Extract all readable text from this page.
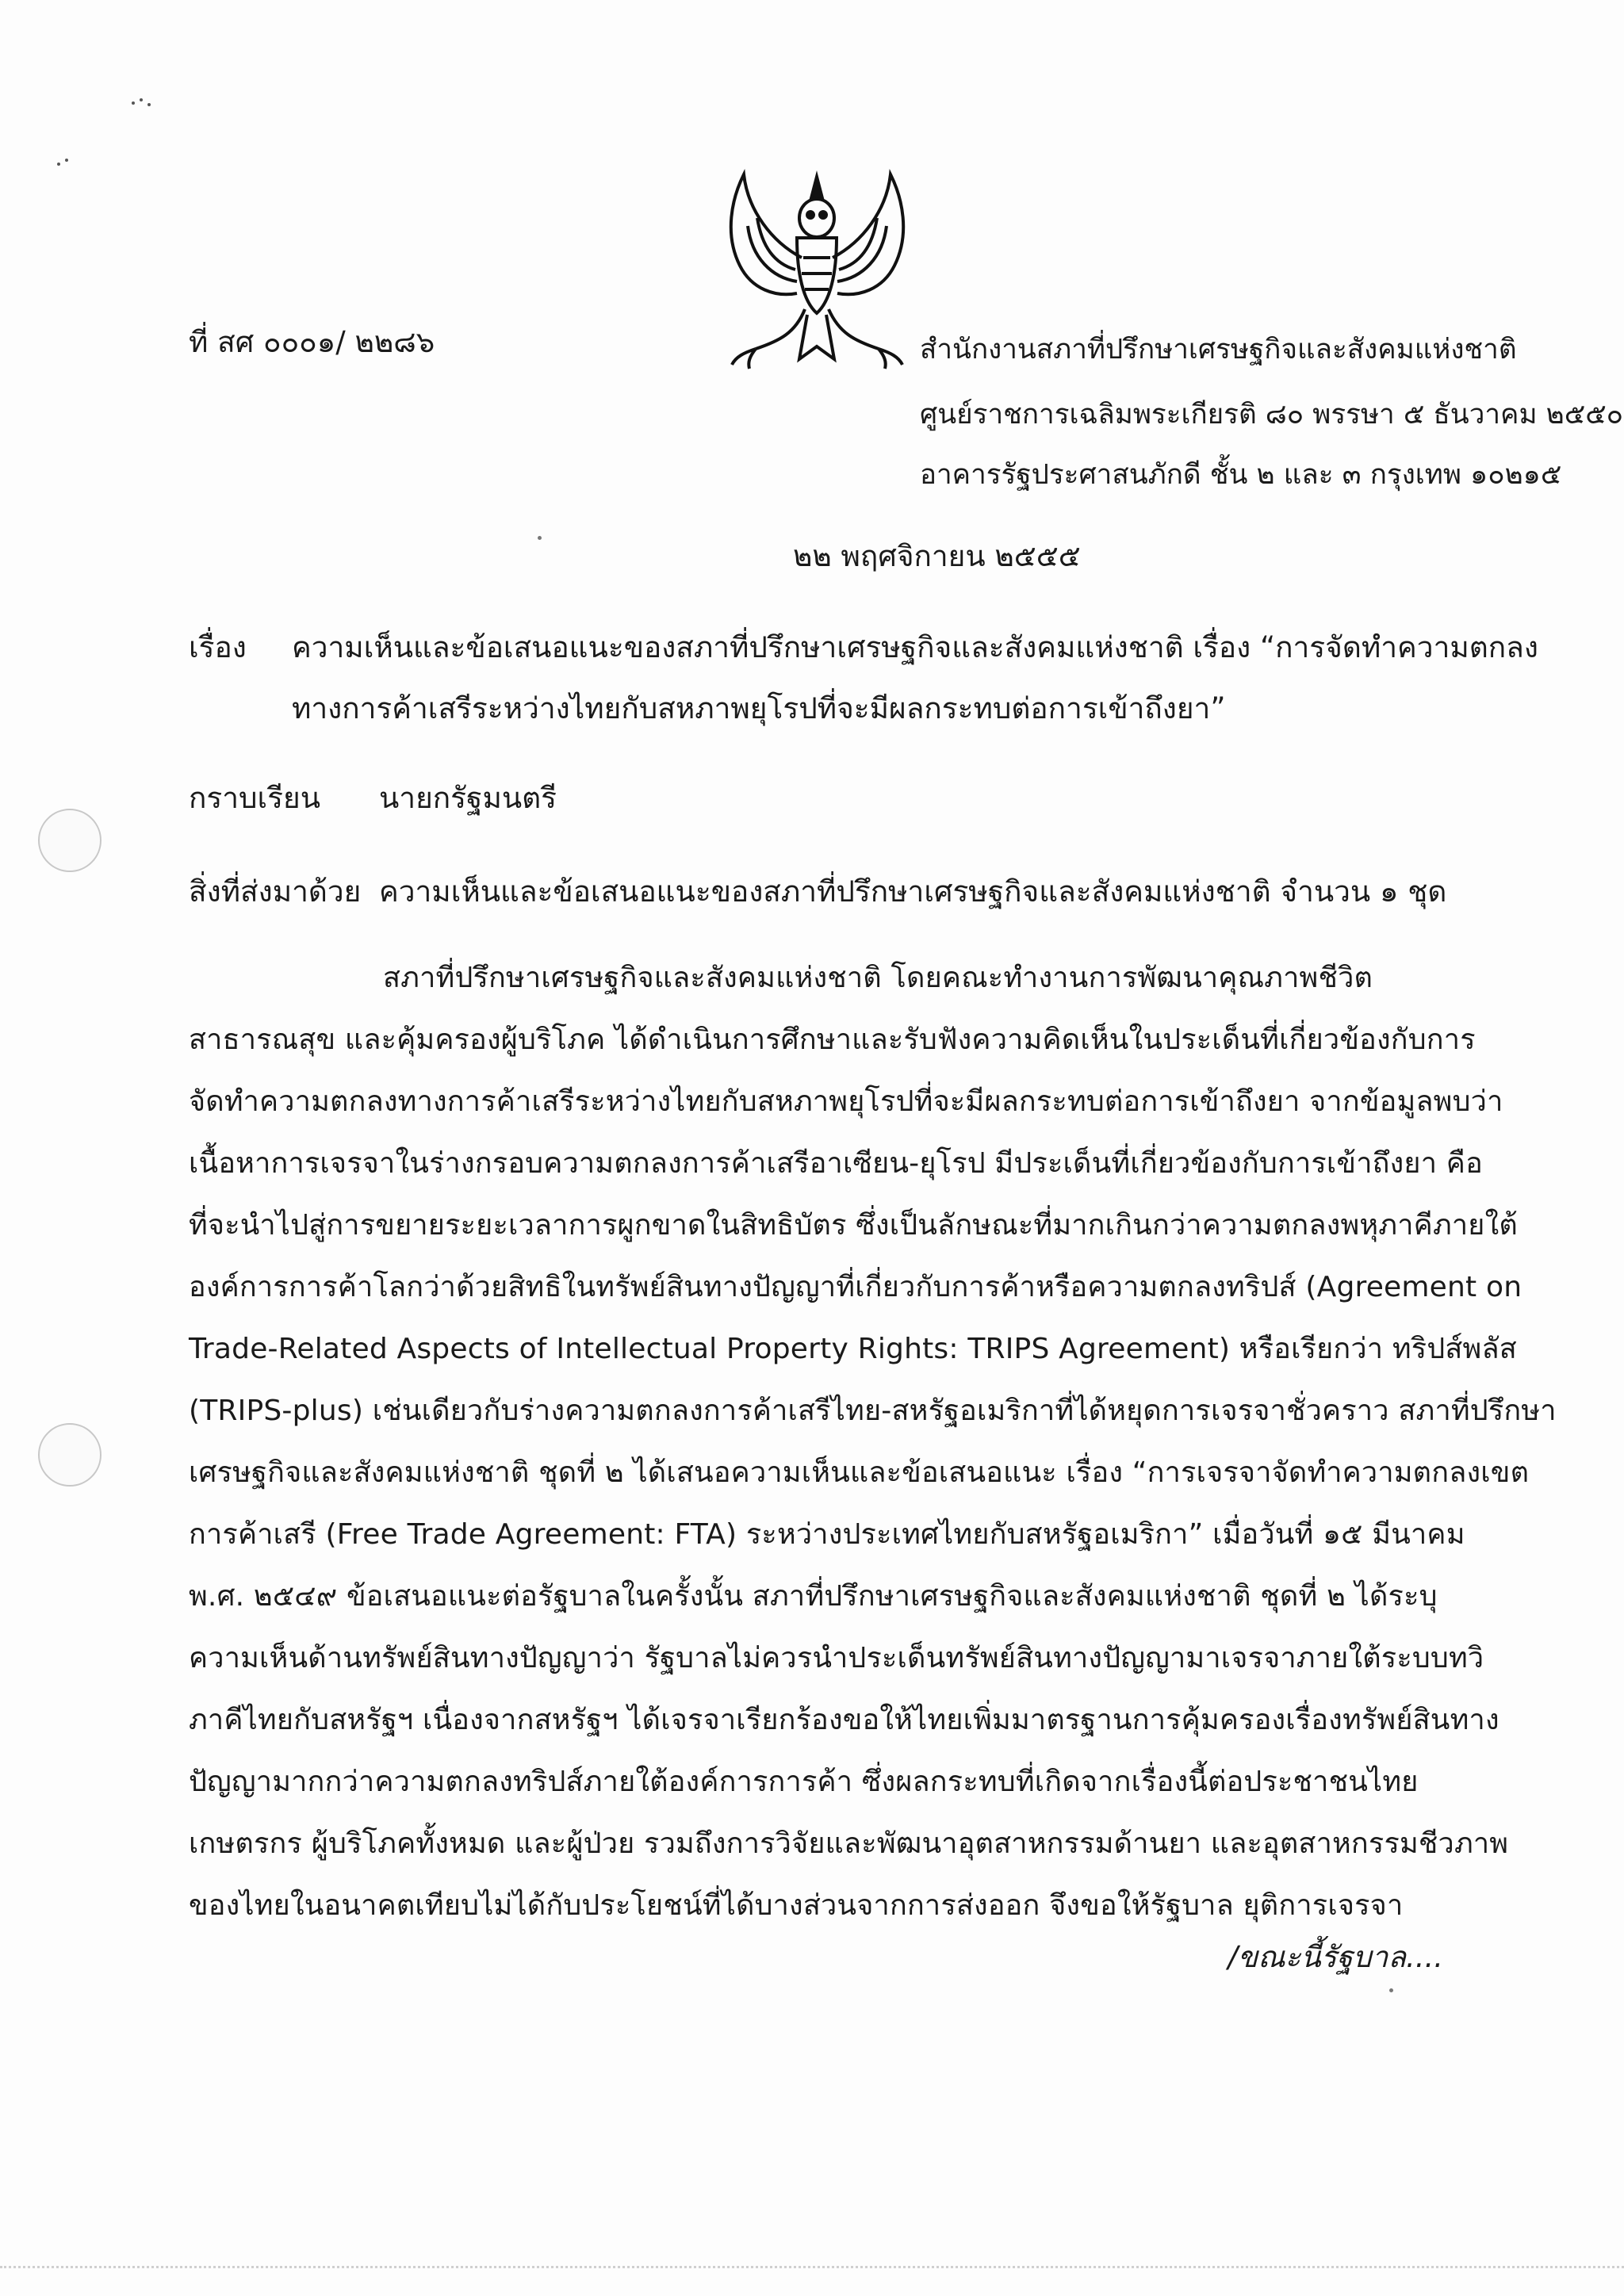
ที่ สศ ๐๐๐๑/ ๒๒๘๖	สำนักงานสภาที่ปรึกษาเศรษฐกิจและสังคมแห่งชาติ
ศูนย์ราชการเฉลิมพระเกียรติ ๘๐ พรรษา ๕ ธันวาคม ๒๕๕๐
อาคารรัฐประศาสนภักดี ชั้น ๒ และ ๓ กรุงเทพ ๑๐๒๑๕
๒๒ พฤศจิกายน ๒๕๕๕
เรื่อง ความเห็นและข้อเสนอแนะของสภาที่ปรึกษาเศรษฐกิจและสังคมแห่งชาติ เรื่อง “การจัดทำความตกลง
ทางการค้าเสรีระหว่างไทยกับสหภาพยุโรปที่จะมีผลกระทบต่อการเข้าถึงยา”
กราบเรียน นายกรัฐมนตรี
สิ่งที่ส่งมาด้วย ความเห็นและข้อเสนอแนะของสภาที่ปรึกษาเศรษฐกิจและสังคมแห่งชาติ จำนวน ๑ ชุด
สภาที่ปรึกษาเศรษฐกิจและสังคมแห่งชาติ โดยคณะทำงานการพัฒนาคุณภาพชีวิต
สาธารณสุข และคุ้มครองผู้บริโภค ได้ดำเนินการศึกษาและรับฟังความคิดเห็นในประเด็นที่เกี่ยวข้องกับการ
จัดทำความตกลงทางการค้าเสรีระหว่างไทยกับสหภาพยุโรปที่จะมีผลกระทบต่อการเข้าถึงยา จากข้อมูลพบว่า
เนื้อหาการเจรจาในร่างกรอบความตกลงการค้าเสรีอาเซียน-ยุโรป มีประเด็นที่เกี่ยวข้องกับการเข้าถึงยา คือ
ที่จะนำไปสู่การขยายระยะเวลาการผูกขาดในสิทธิบัตร ซึ่งเป็นลักษณะที่มากเกินกว่าความตกลงพหุภาคีภายใต้
องค์การการค้าโลกว่าด้วยสิทธิในทรัพย์สินทางปัญญาที่เกี่ยวกับการค้าหรือความตกลงทริปส์ (Agreement on
Trade-Related Aspects of Intellectual Property Rights: TRIPS Agreement) หรือเรียกว่า ทริปส์พลัส
(TRIPS-plus) เช่นเดียวกับร่างความตกลงการค้าเสรีไทย-สหรัฐอเมริกาที่ได้หยุดการเจรจาชั่วคราว สภาที่ปรึกษา
เศรษฐกิจและสังคมแห่งชาติ ชุดที่ ๒ ได้เสนอความเห็นและข้อเสนอแนะ เรื่อง “การเจรจาจัดทำความตกลงเขต
การค้าเสรี (Free Trade Agreement: FTA) ระหว่างประเทศไทยกับสหรัฐอเมริกา” เมื่อวันที่ ๑๕ มีนาคม
พ.ศ. ๒๕๔๙ ข้อเสนอแนะต่อรัฐบาลในครั้งนั้น สภาที่ปรึกษาเศรษฐกิจและสังคมแห่งชาติ ชุดที่ ๒ ได้ระบุ
ความเห็นด้านทรัพย์สินทางปัญญาว่า รัฐบาลไม่ควรนำประเด็นทรัพย์สินทางปัญญามาเจรจาภายใต้ระบบทวิ
ภาคีไทยกับสหรัฐฯ เนื่องจากสหรัฐฯ ได้เจรจาเรียกร้องขอให้ไทยเพิ่มมาตรฐานการคุ้มครองเรื่องทรัพย์สินทาง
ปัญญามากกว่าความตกลงทริปส์ภายใต้องค์การการค้า ซึ่งผลกระทบที่เกิดจากเรื่องนี้ต่อประชาชนไทย
เกษตรกร ผู้บริโภคทั้งหมด และผู้ป่วย รวมถึงการวิจัยและพัฒนาอุตสาหกรรมด้านยา และอุตสาหกรรมชีวภาพ
ของไทยในอนาคตเทียบไม่ได้กับประโยชน์ที่ได้บางส่วนจากการส่งออก จึงขอให้รัฐบาล ยุติการเจรจา
/ขณะนี้รัฐบาล....
